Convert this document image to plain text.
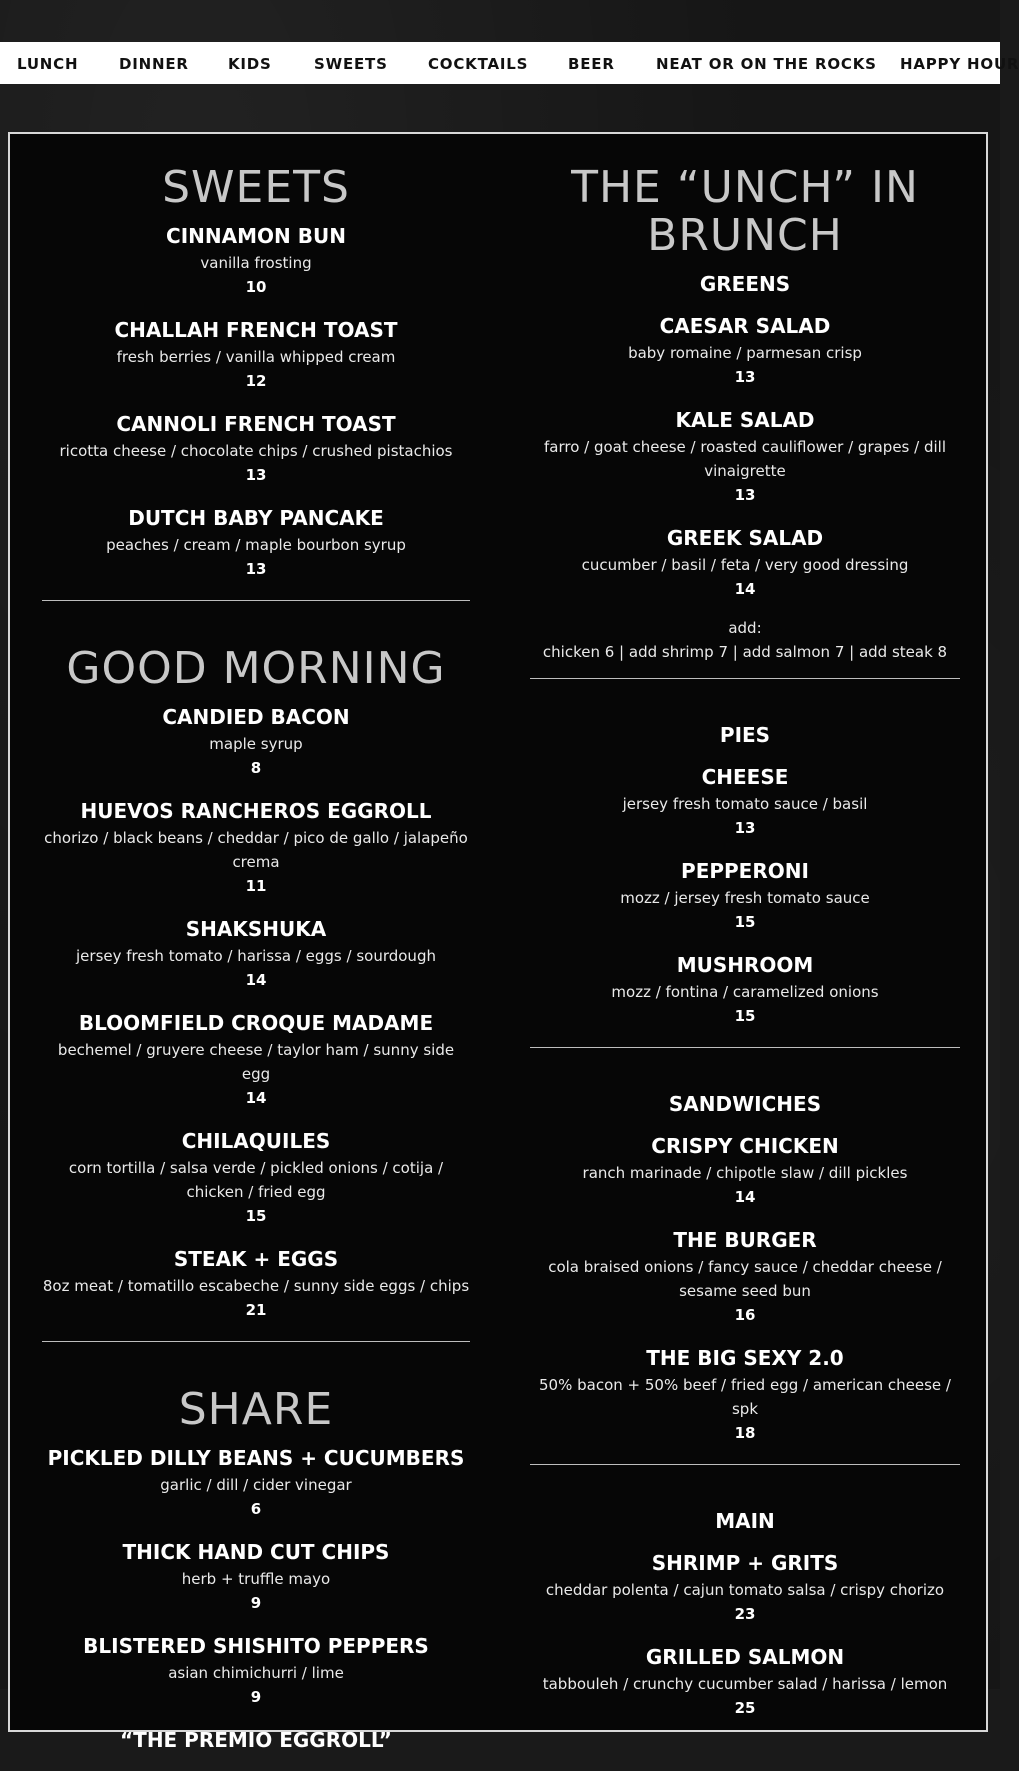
LUNCH	DINNER	KIDS	SWEETS	COCKTAILS	BEER	NEAT OR ON THE ROCKS HAPPY HOUR
SWEETS
CINNAMON BUN
vanilla frosting
10
CHALLAH FRENCH TOAST
fresh berries / vanilla whipped cream
12
CANNOLI FRENCH TOAST
ricotta cheese / chocolate chips / crushed pistachios
13
DUTCH BABY PANCAKE
peaches / cream / maple bourbon syrup
13
GOOD MORNING
CANDIED BACON
maple syrup
8
HUEVOS RANCHEROS EGGROLL
chorizo / black beans / cheddar / pico de gallo / jalapeño crema
11
SHAKSHUKA
jersey fresh tomato / harissa / eggs / sourdough
14
BLOOMFIELD CROQUE MADAME
bechemel / gruyere cheese / taylor ham / sunny side egg
14
CHILAQUILES
corn tortilla / salsa verde / pickled onions / cotija / chicken / fried egg
15
STEAK + EGGS
8oz meat / tomatillo escabeche / sunny side eggs / chips
21
SHARE
PICKLED DILLY BEANS + CUCUMBERS
garlic / dill / cider vinegar
6
THICK HAND CUT CHIPS
herb + truffle mayo
9
BLISTERED SHISHITO PEPPERS
asian chimichurri / lime
9
“THE PREMIO EGGROLL”
THE “UNCH” IN BRUNCH
GREENS
CAESAR SALAD
baby romaine / parmesan crisp
13
KALE SALAD
farro / goat cheese / roasted cauliflower / grapes / dill vinaigrette
13
GREEK SALAD
cucumber / basil / feta / very good dressing
14
add:
chicken 6 | add shrimp 7 | add salmon 7 | add steak 8
PIES
CHEESE
jersey fresh tomato sauce / basil
13
PEPPERONI
mozz / jersey fresh tomato sauce
15
MUSHROOM
mozz / fontina / caramelized onions
15
SANDWICHES
CRISPY CHICKEN
ranch marinade / chipotle slaw / dill pickles
14
THE BURGER
cola braised onions / fancy sauce / cheddar cheese / sesame seed bun
16
THE BIG SEXY 2.0
50% bacon + 50% beef / fried egg / american cheese / spk
18
MAIN
SHRIMP + GRITS
cheddar polenta / cajun tomato salsa / crispy chorizo
23
GRILLED SALMON
tabbouleh / crunchy cucumber salad / harissa / lemon
25
